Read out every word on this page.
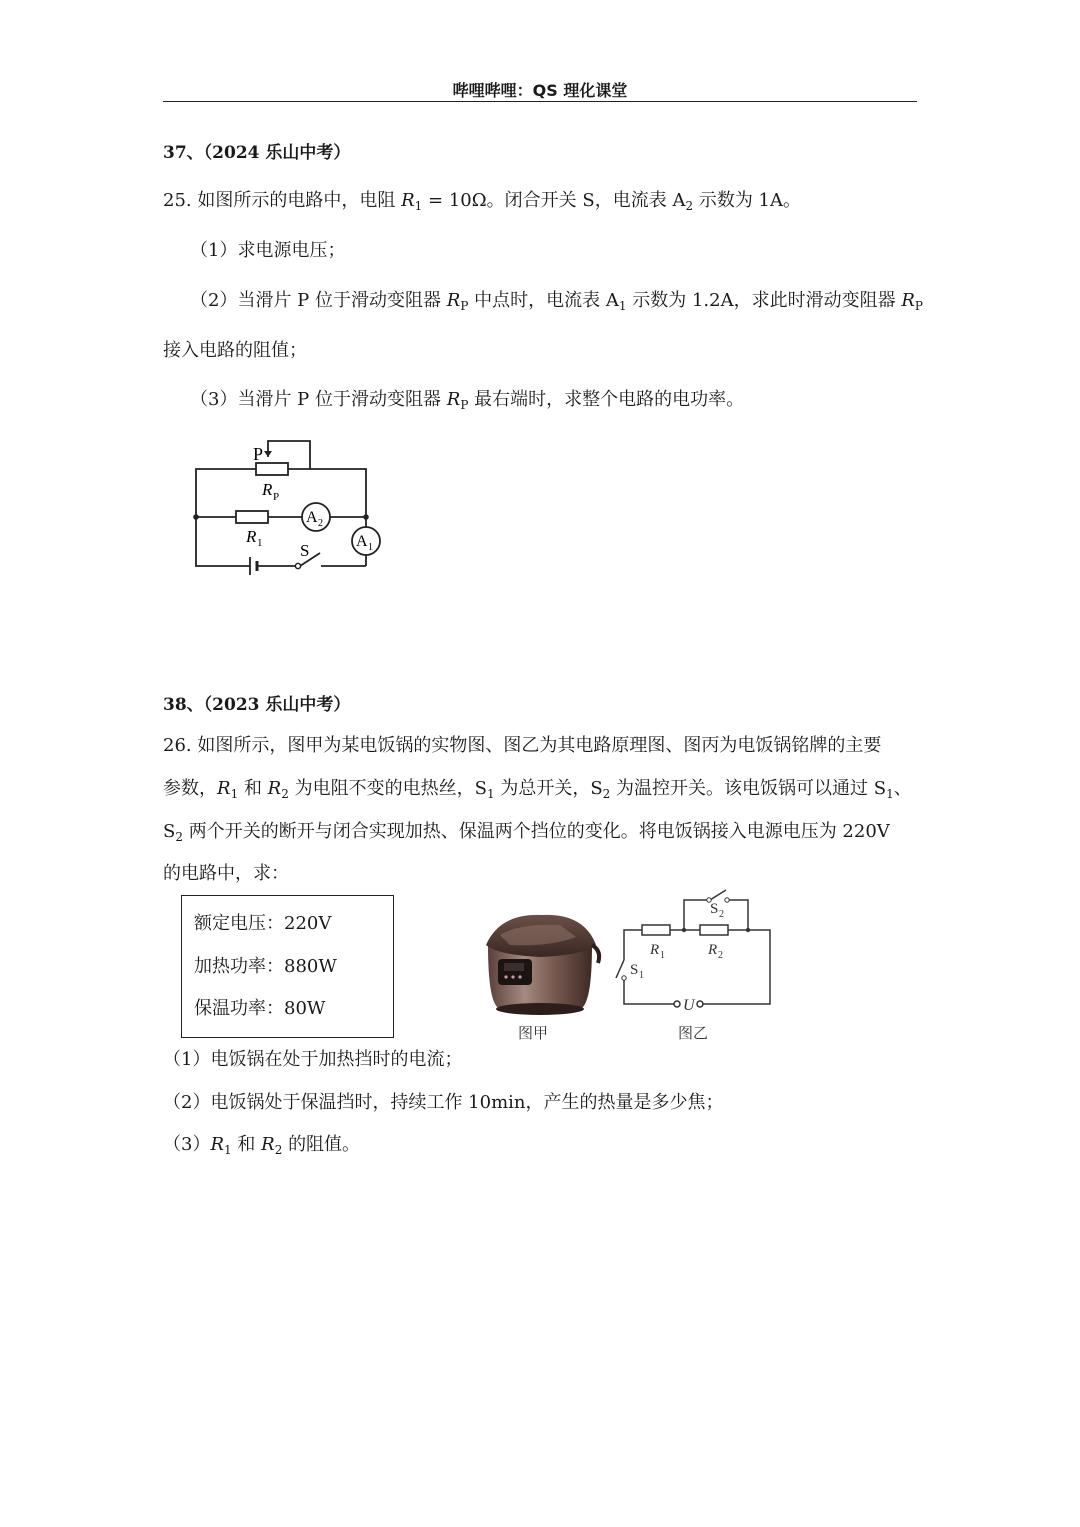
哔哩哔哩：QS 理化课堂
37、（2024 乐山中考）
25. 如图所示的电路中，电阻 $R_1 = 10\Omega$。闭合开关 S，电流表 $A_2$ 示数为 1A。
（1）求电源电压；
（2）当滑片 P 位于滑动变阻器 $R_P$ 中点时，电流表 $A_1$ 示数为 1.2A，求此时滑动变阻器 $R_P$
接入电路的阻值；
（3）当滑片 P 位于滑动变阻器 $R_P$ 最右端时，求整个电路的电功率。
P
R P
R 1
A 2
A 1
S
38、（2023 乐山中考）
26. 如图所示，图甲为某电饭锅的实物图、图乙为其电路原理图、图丙为电饭锅铭牌的主要
参数，$R_1$ 和 $R_2$ 为电阻不变的电热丝，$S_1$ 为总开关，$S_2$ 为温控开关。该电饭锅可以通过 $S_1$、
$S_2$ 两个开关的断开与闭合实现加热、保温两个挡位的变化。将电饭锅接入电源电压为 220V
的电路中，求：
额定电压：220V
加热功率：880W
保温功率：80W
图甲
S 2
R 1	R 2
S 1
U
图乙
（1）电饭锅在处于加热挡时的电流；
（2）电饭锅处于保温挡时，持续工作 10min，产生的热量是多少焦；
$(3)R_1$ 和 $R_2$ 的阻值。
